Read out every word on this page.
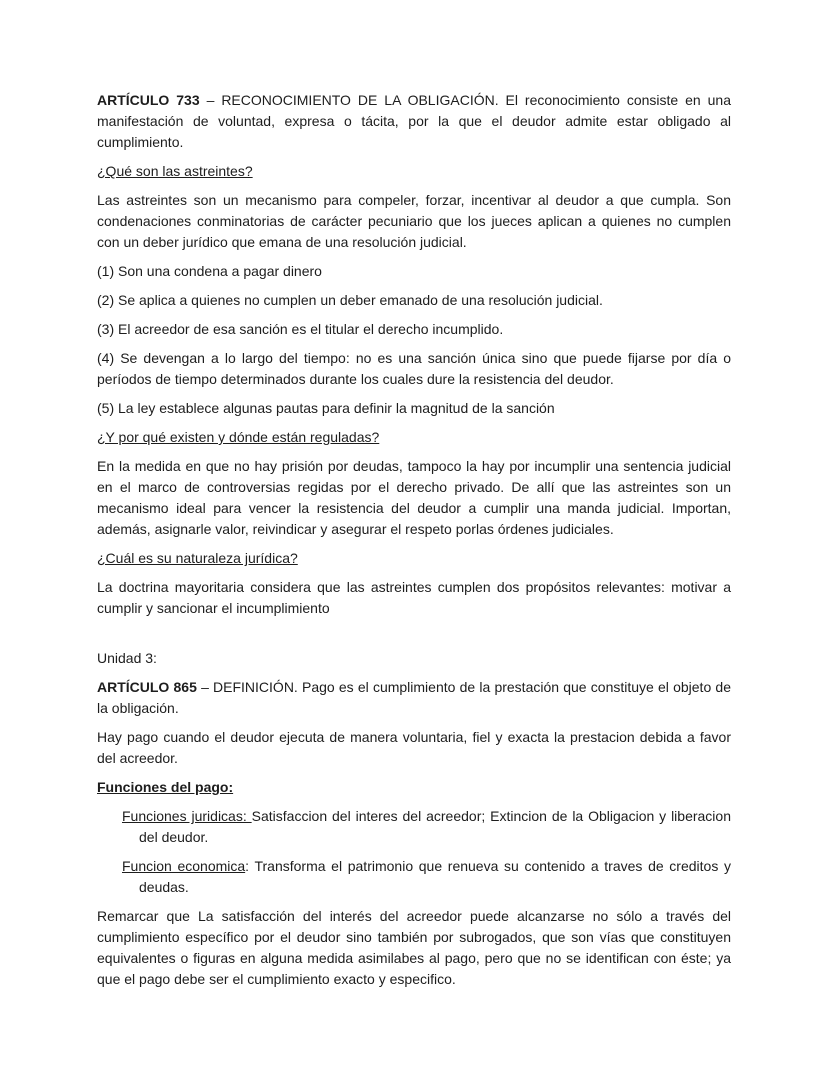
ARTÍCULO 733 – RECONOCIMIENTO DE LA OBLIGACIÓN. El reconocimiento consiste en una manifestación de voluntad, expresa o tácita, por la que el deudor admite estar obligado al cumplimiento.

¿Qué son las astreintes?

Las astreintes son un mecanismo para compeler, forzar, incentivar al deudor a que cumpla. Son condenaciones conminatorias de carácter pecuniario que los jueces aplican a quienes no cumplen con un deber jurídico que emana de una resolución judicial.

(1) Son una condena a pagar dinero

(2) Se aplica a quienes no cumplen un deber emanado de una resolución judicial.

(3) El acreedor de esa sanción es el titular el derecho incumplido.

(4) Se devengan a lo largo del tiempo: no es una sanción única sino que puede fijarse por día o períodos de tiempo determinados durante los cuales dure la resistencia del deudor.

(5) La ley establece algunas pautas para definir la magnitud de la sanción

¿Y por qué existen y dónde están reguladas?

En la medida en que no hay prisión por deudas, tampoco la hay por incumplir una sentencia judicial en el marco de controversias regidas por el derecho privado. De allí que las astreintes son un mecanismo ideal para vencer la resistencia del deudor a cumplir una manda judicial. Importan, además, asignarle valor, reivindicar y asegurar el respeto porlas órdenes judiciales.

¿Cuál es su naturaleza jurídica?

La doctrina mayoritaria considera que las astreintes cumplen dos propósitos relevantes: motivar a cumplir y sancionar el incumplimiento

Unidad 3:

ARTÍCULO 865 – DEFINICIÓN. Pago es el cumplimiento de la prestación que constituye el objeto de la obligación.

Hay pago cuando el deudor ejecuta de manera voluntaria, fiel y exacta la prestacion debida a favor del acreedor.

Funciones del pago:

Funciones juridicas: Satisfaccion del interes del acreedor; Extincion de la Obligacion y liberacion del deudor.

Funcion economica: Transforma el patrimonio que renueva su contenido a traves de creditos y deudas.

Remarcar que La satisfacción del interés del acreedor puede alcanzarse no sólo a través del cumplimiento específico por el deudor sino también por subrogados, que son vías que constituyen equivalentes o figuras en alguna medida asimilabes al pago, pero que no se identifican con éste; ya que el pago debe ser el cumplimiento exacto y especifico.
